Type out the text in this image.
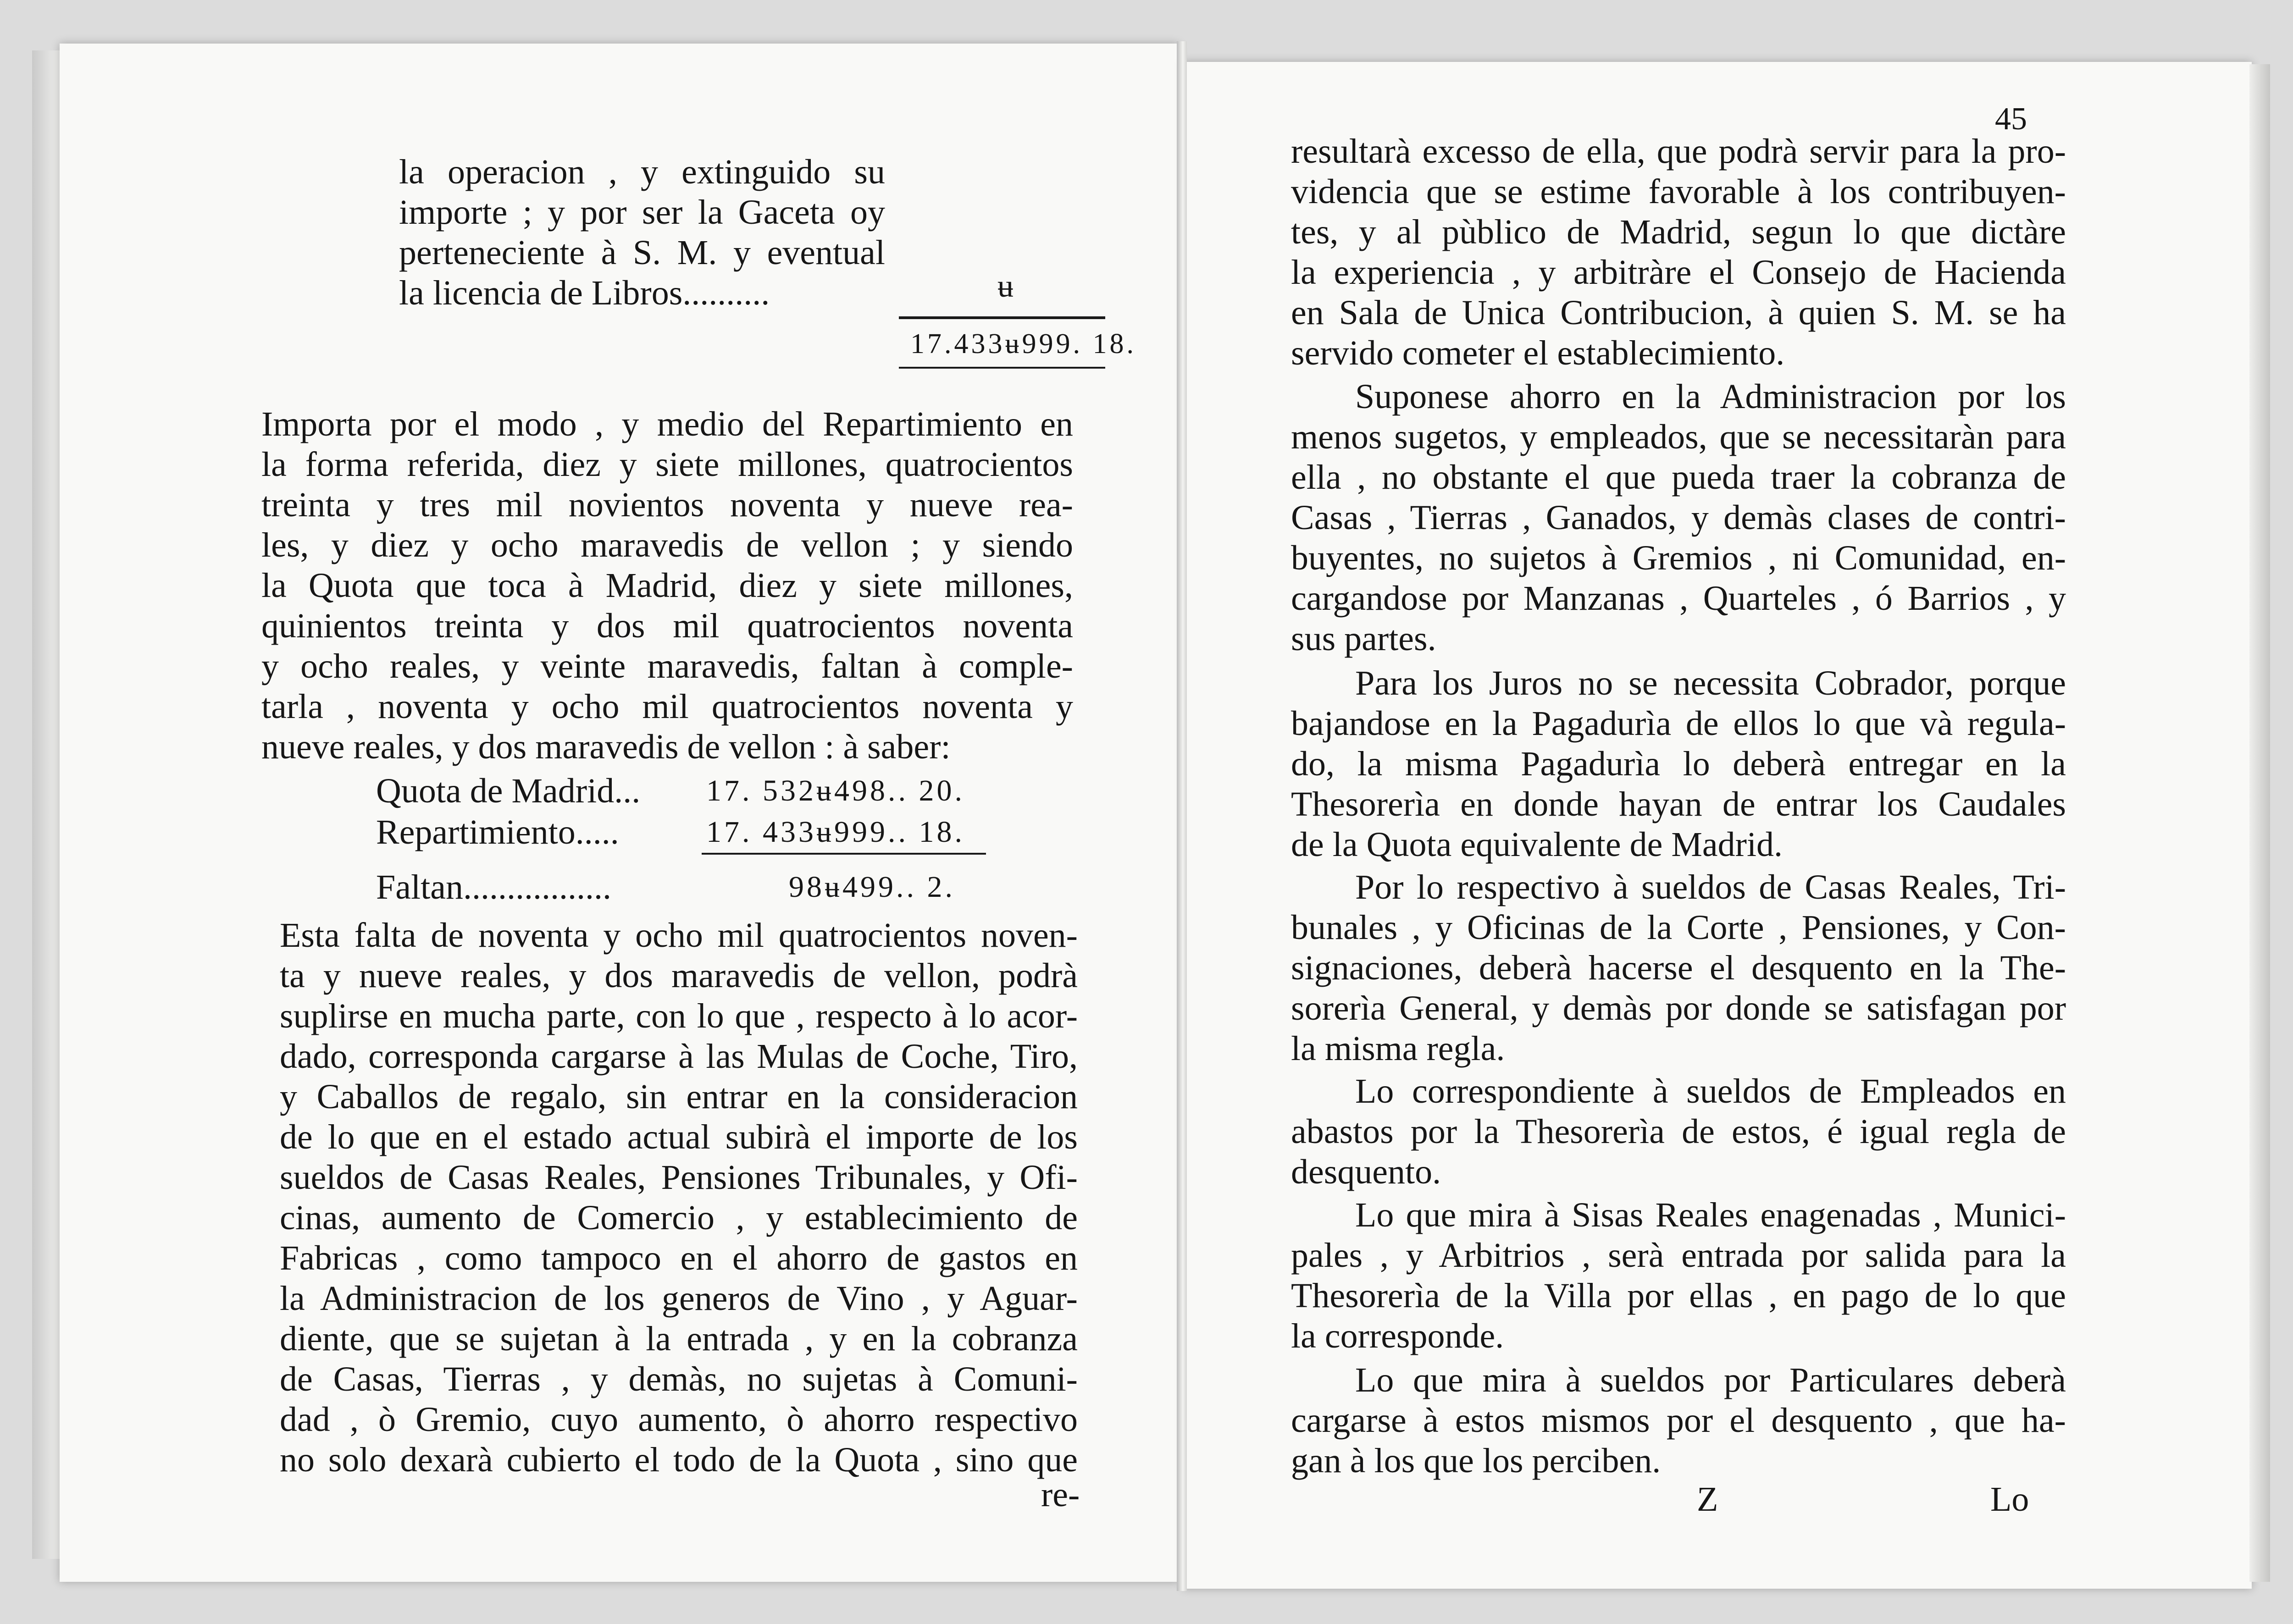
la operacion , y extinguido su
importe ; y por ser la Gaceta oy
perteneciente à S. M. y eventual
la licencia de Libros..........	ʉ
17.433ʉ999. 18.
Importa por el modo , y medio del Repartimiento en
la forma referida, diez y siete millones, quatrocientos
treinta y tres mil novientos noventa y nueve rea-
les, y diez y ocho maravedis de vellon ; y siendo
la Quota que toca à Madrid, diez y siete millones,
quinientos treinta y dos mil quatrocientos noventa
y ocho reales, y veinte maravedis, faltan à comple-
tarla , noventa y ocho mil quatrocientos noventa y
nueve reales, y dos maravedis de vellon : à saber:
Quota de Madrid... 17. 532ʉ498.. 20.
Repartimiento.....	17. 433ʉ999.. 18.
Faltan.................	98ʉ499.. 2.
Esta falta de noventa y ocho mil quatrocientos noven-
ta y nueve reales, y dos maravedis de vellon, podrà
suplirse en mucha parte, con lo que , respecto à lo acor-
dado, corresponda cargarse à las Mulas de Coche, Tiro,
y Caballos de regalo, sin entrar en la consideracion
de lo que en el estado actual subirà el importe de los
sueldos de Casas Reales, Pensiones Tribunales, y Ofi-
cinas, aumento de Comercio , y establecimiento de
Fabricas , como tampoco en el ahorro de gastos en
la Administracion de los generos de Vino , y Aguar-
diente, que se sujetan à la entrada , y en la cobranza
de Casas, Tierras , y demàs, no sujetas à Comuni-
dad , ò Gremio, cuyo aumento, ò ahorro respectivo
no solo dexarà cubierto el todo de la Quota , sino que
re-
45
resultarà excesso de ella, que podrà servir para la pro-
videncia que se estime favorable à los contribuyen-
tes, y al pùblico de Madrid, segun lo que dictàre
la experiencia , y arbitràre el Consejo de Hacienda
en Sala de Unica Contribucion, à quien S. M. se ha
servido cometer el establecimiento.
Suponese ahorro en la Administracion por los
menos sugetos, y empleados, que se necessitaràn para
ella , no obstante el que pueda traer la cobranza de
Casas , Tierras , Ganados, y demàs clases de contri-
buyentes, no sujetos à Gremios , ni Comunidad, en-
cargandose por Manzanas , Quarteles , ó Barrios , y
sus partes.
Para los Juros no se necessita Cobrador, porque
bajandose en la Pagadurìa de ellos lo que và regula-
do, la misma Pagadurìa lo deberà entregar en la
Thesorerìa en donde hayan de entrar los Caudales
de la Quota equivalente de Madrid.
Por lo respectivo à sueldos de Casas Reales, Tri-
bunales , y Oficinas de la Corte , Pensiones, y Con-
signaciones, deberà hacerse el desquento en la The-
sorerìa General, y demàs por donde se satisfagan por
la misma regla.
Lo correspondiente à sueldos de Empleados en
abastos por la Thesorerìa de estos, é igual regla de
desquento.
Lo que mira à Sisas Reales enagenadas , Munici-
pales , y Arbitrios , serà entrada por salida para la
Thesorerìa de la Villa por ellas , en pago de lo que
la corresponde.
Lo que mira à sueldos por Particulares deberà
cargarse à estos mismos por el desquento , que ha-
gan à los que los perciben.
Z	Lo
